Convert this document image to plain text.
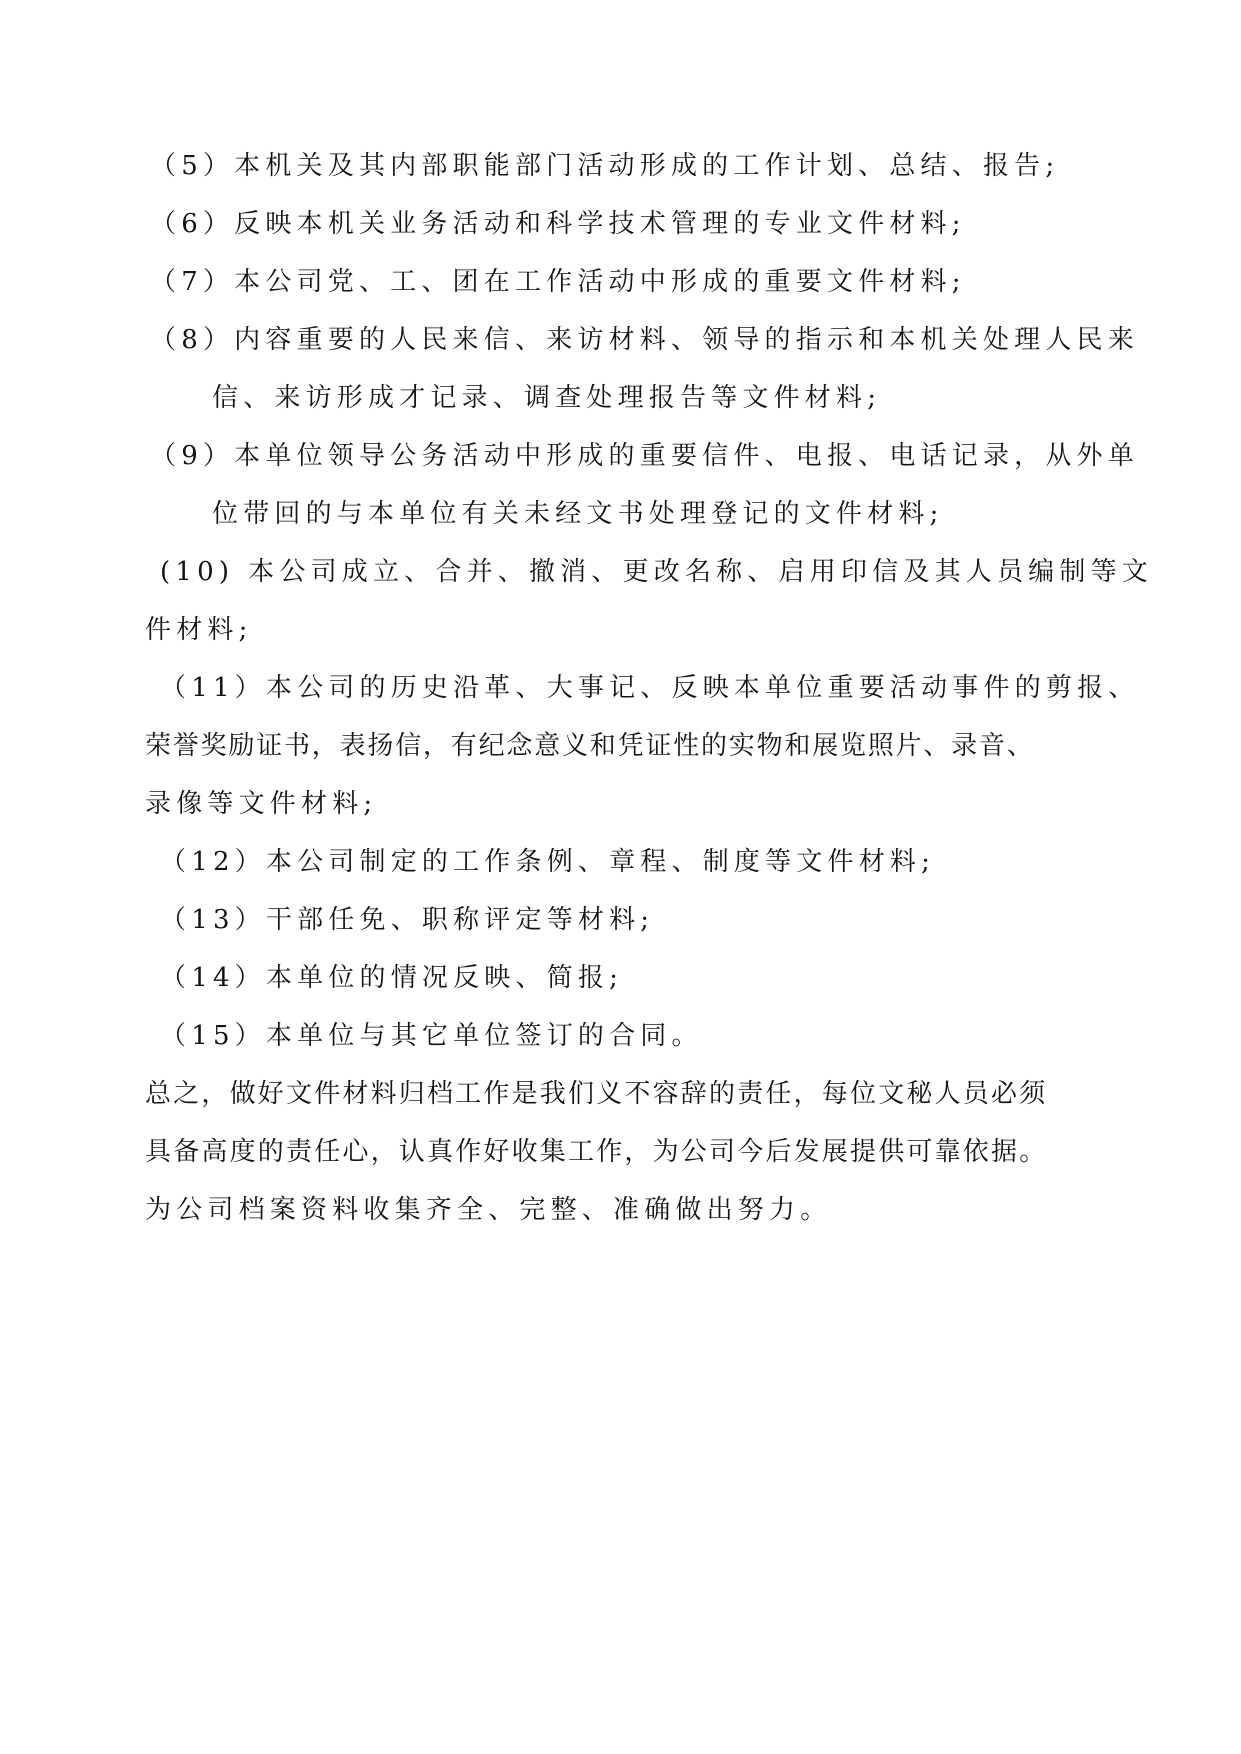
（5）本机关及其内部职能部门活动形成的工作计划、总结、报告;
（6）反映本机关业务活动和科学技术管理的专业文件材料;
（7）本公司党、工、团在工作活动中形成的重要文件材料;
（8）内容重要的人民来信、来访材料、领导的指示和本机关处理人民来
信、来访形成才记录、调查处理报告等文件材料;
（9）本单位领导公务活动中形成的重要信件、电报、电话记录，从外单
位带回的与本单位有关未经文书处理登记的文件材料;
(10) 本公司成立、合并、撤消、更改名称、启用印信及其人员编制等文
件材料;
（11）本公司的历史沿革、大事记、反映本单位重要活动事件的剪报、
荣誉奖励证书，表扬信，有纪念意义和凭证性的实物和展览照片、录音、
录像等文件材料;
（12）本公司制定的工作条例、章程、制度等文件材料;
（13）干部任免、职称评定等材料;
（14）本单位的情况反映、简报;
（15）本单位与其它单位签订的合同。
总之，做好文件材料归档工作是我们义不容辞的责任，每位文秘人员必须
具备高度的责任心，认真作好收集工作，为公司今后发展提供可靠依据。
为公司档案资料收集齐全、完整、准确做出努力。
